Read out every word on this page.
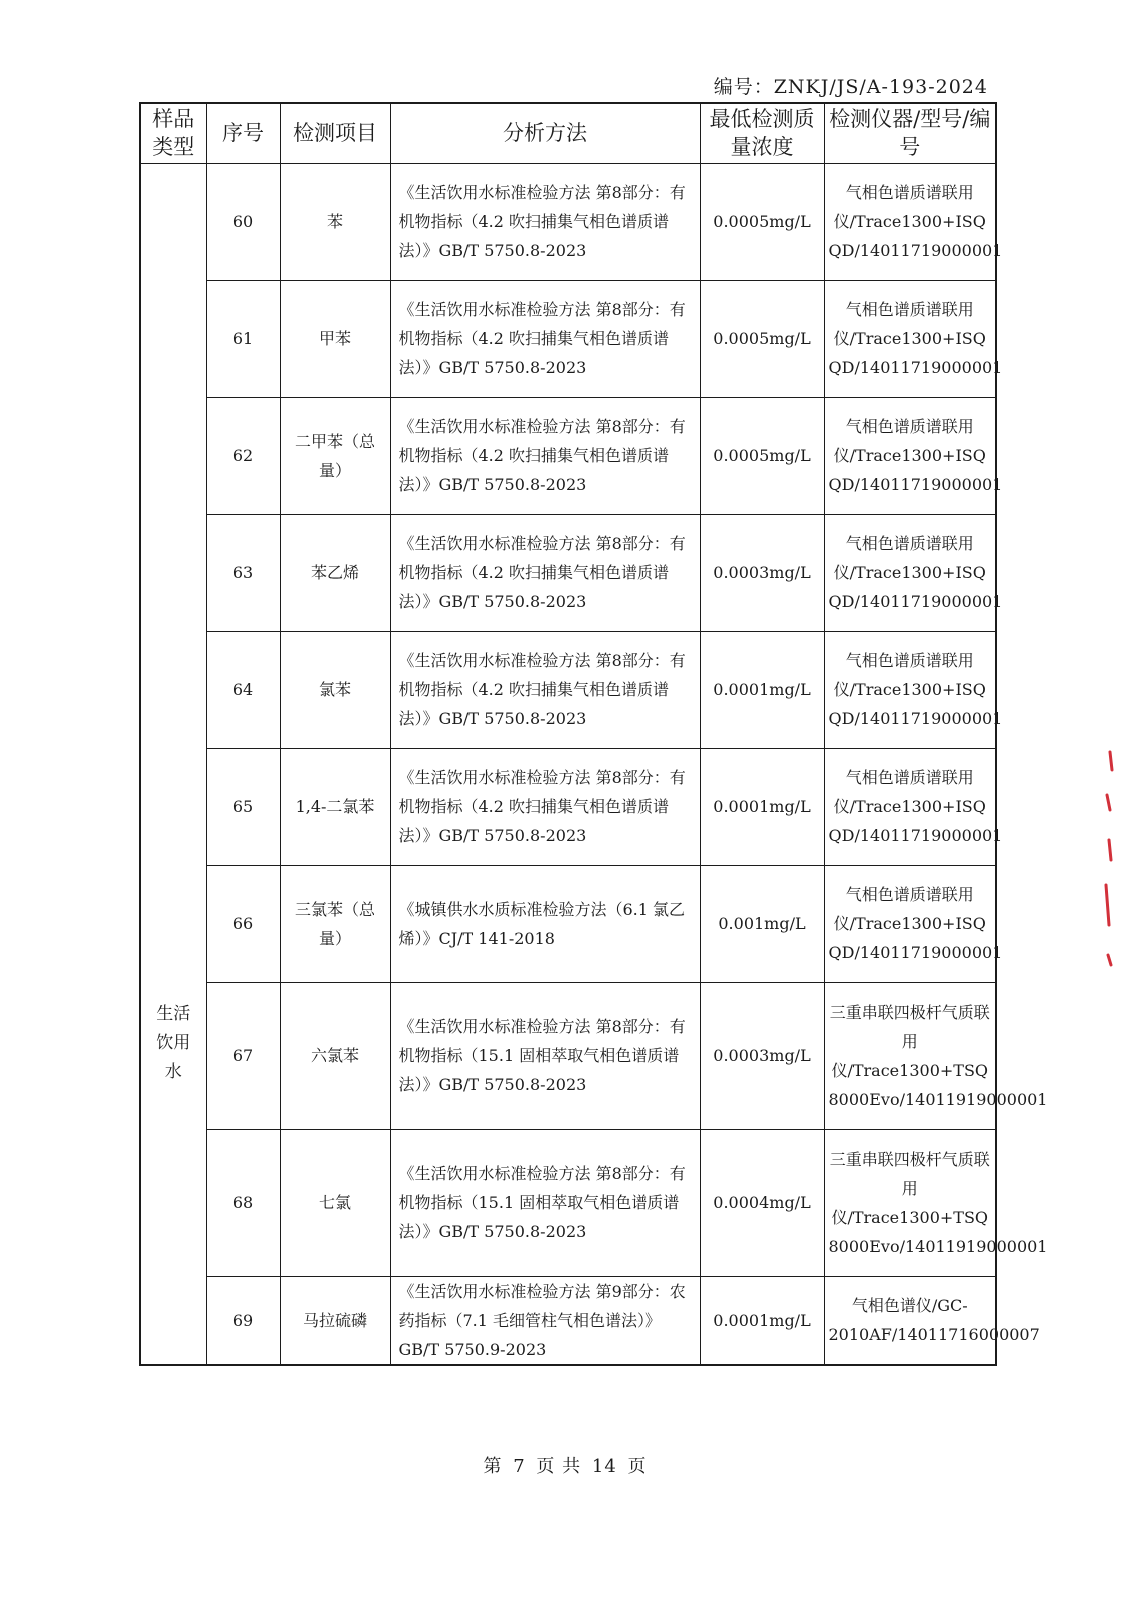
编号：ZNKJ/JS/A-193-2024
样品类型	序号	检测项目	分析方法	最低检测质量浓度	检测仪器/型号/编号
生活饮用水	60	苯	《生活饮用水标准检验方法 第8部分：有机物指标（4.2 吹扫捕集气相色谱质谱法）》GB/T 5750.8-2023	0.0005mg/L	气相色谱质谱联用仪/Trace1300+ISQ QD/14011719000001
	61	甲苯	《生活饮用水标准检验方法 第8部分：有机物指标（4.2 吹扫捕集气相色谱质谱法）》GB/T 5750.8-2023	0.0005mg/L	气相色谱质谱联用仪/Trace1300+ISQ QD/14011719000001
	62	二甲苯（总量）	《生活饮用水标准检验方法 第8部分：有机物指标（4.2 吹扫捕集气相色谱质谱法）》GB/T 5750.8-2023	0.0005mg/L	气相色谱质谱联用仪/Trace1300+ISQ QD/14011719000001
	63	苯乙烯	《生活饮用水标准检验方法 第8部分：有机物指标（4.2 吹扫捕集气相色谱质谱法）》GB/T 5750.8-2023	0.0003mg/L	气相色谱质谱联用仪/Trace1300+ISQ QD/14011719000001
	64	氯苯	《生活饮用水标准检验方法 第8部分：有机物指标（4.2 吹扫捕集气相色谱质谱法）》GB/T 5750.8-2023	0.0001mg/L	气相色谱质谱联用仪/Trace1300+ISQ QD/14011719000001
	65	1,4-二氯苯	《生活饮用水标准检验方法 第8部分：有机物指标（4.2 吹扫捕集气相色谱质谱法）》GB/T 5750.8-2023	0.0001mg/L	气相色谱质谱联用仪/Trace1300+ISQ QD/14011719000001
	66	三氯苯（总量）	《城镇供水水质标准检验方法（6.1 氯乙烯）》CJ/T 141-2018	0.001mg/L	气相色谱质谱联用仪/Trace1300+ISQ QD/14011719000001
	67	六氯苯	《生活饮用水标准检验方法 第8部分：有机物指标（15.1 固相萃取气相色谱质谱法）》GB/T 5750.8-2023	0.0003mg/L	三重串联四极杆气质联用仪/Trace1300+TSQ 8000Evo/14011919000001
	68	七氯	《生活饮用水标准检验方法 第8部分：有机物指标（15.1 固相萃取气相色谱质谱法）》GB/T 5750.8-2023	0.0004mg/L	三重串联四极杆气质联用仪/Trace1300+TSQ 8000Evo/14011919000001
	69	马拉硫磷	《生活饮用水标准检验方法 第9部分：农药指标（7.1 毛细管柱气相色谱法）》GB/T 5750.9-2023	0.0001mg/L	气相色谱仪/GC-2010AF/14011716000007
第 7 页 共 14 页
